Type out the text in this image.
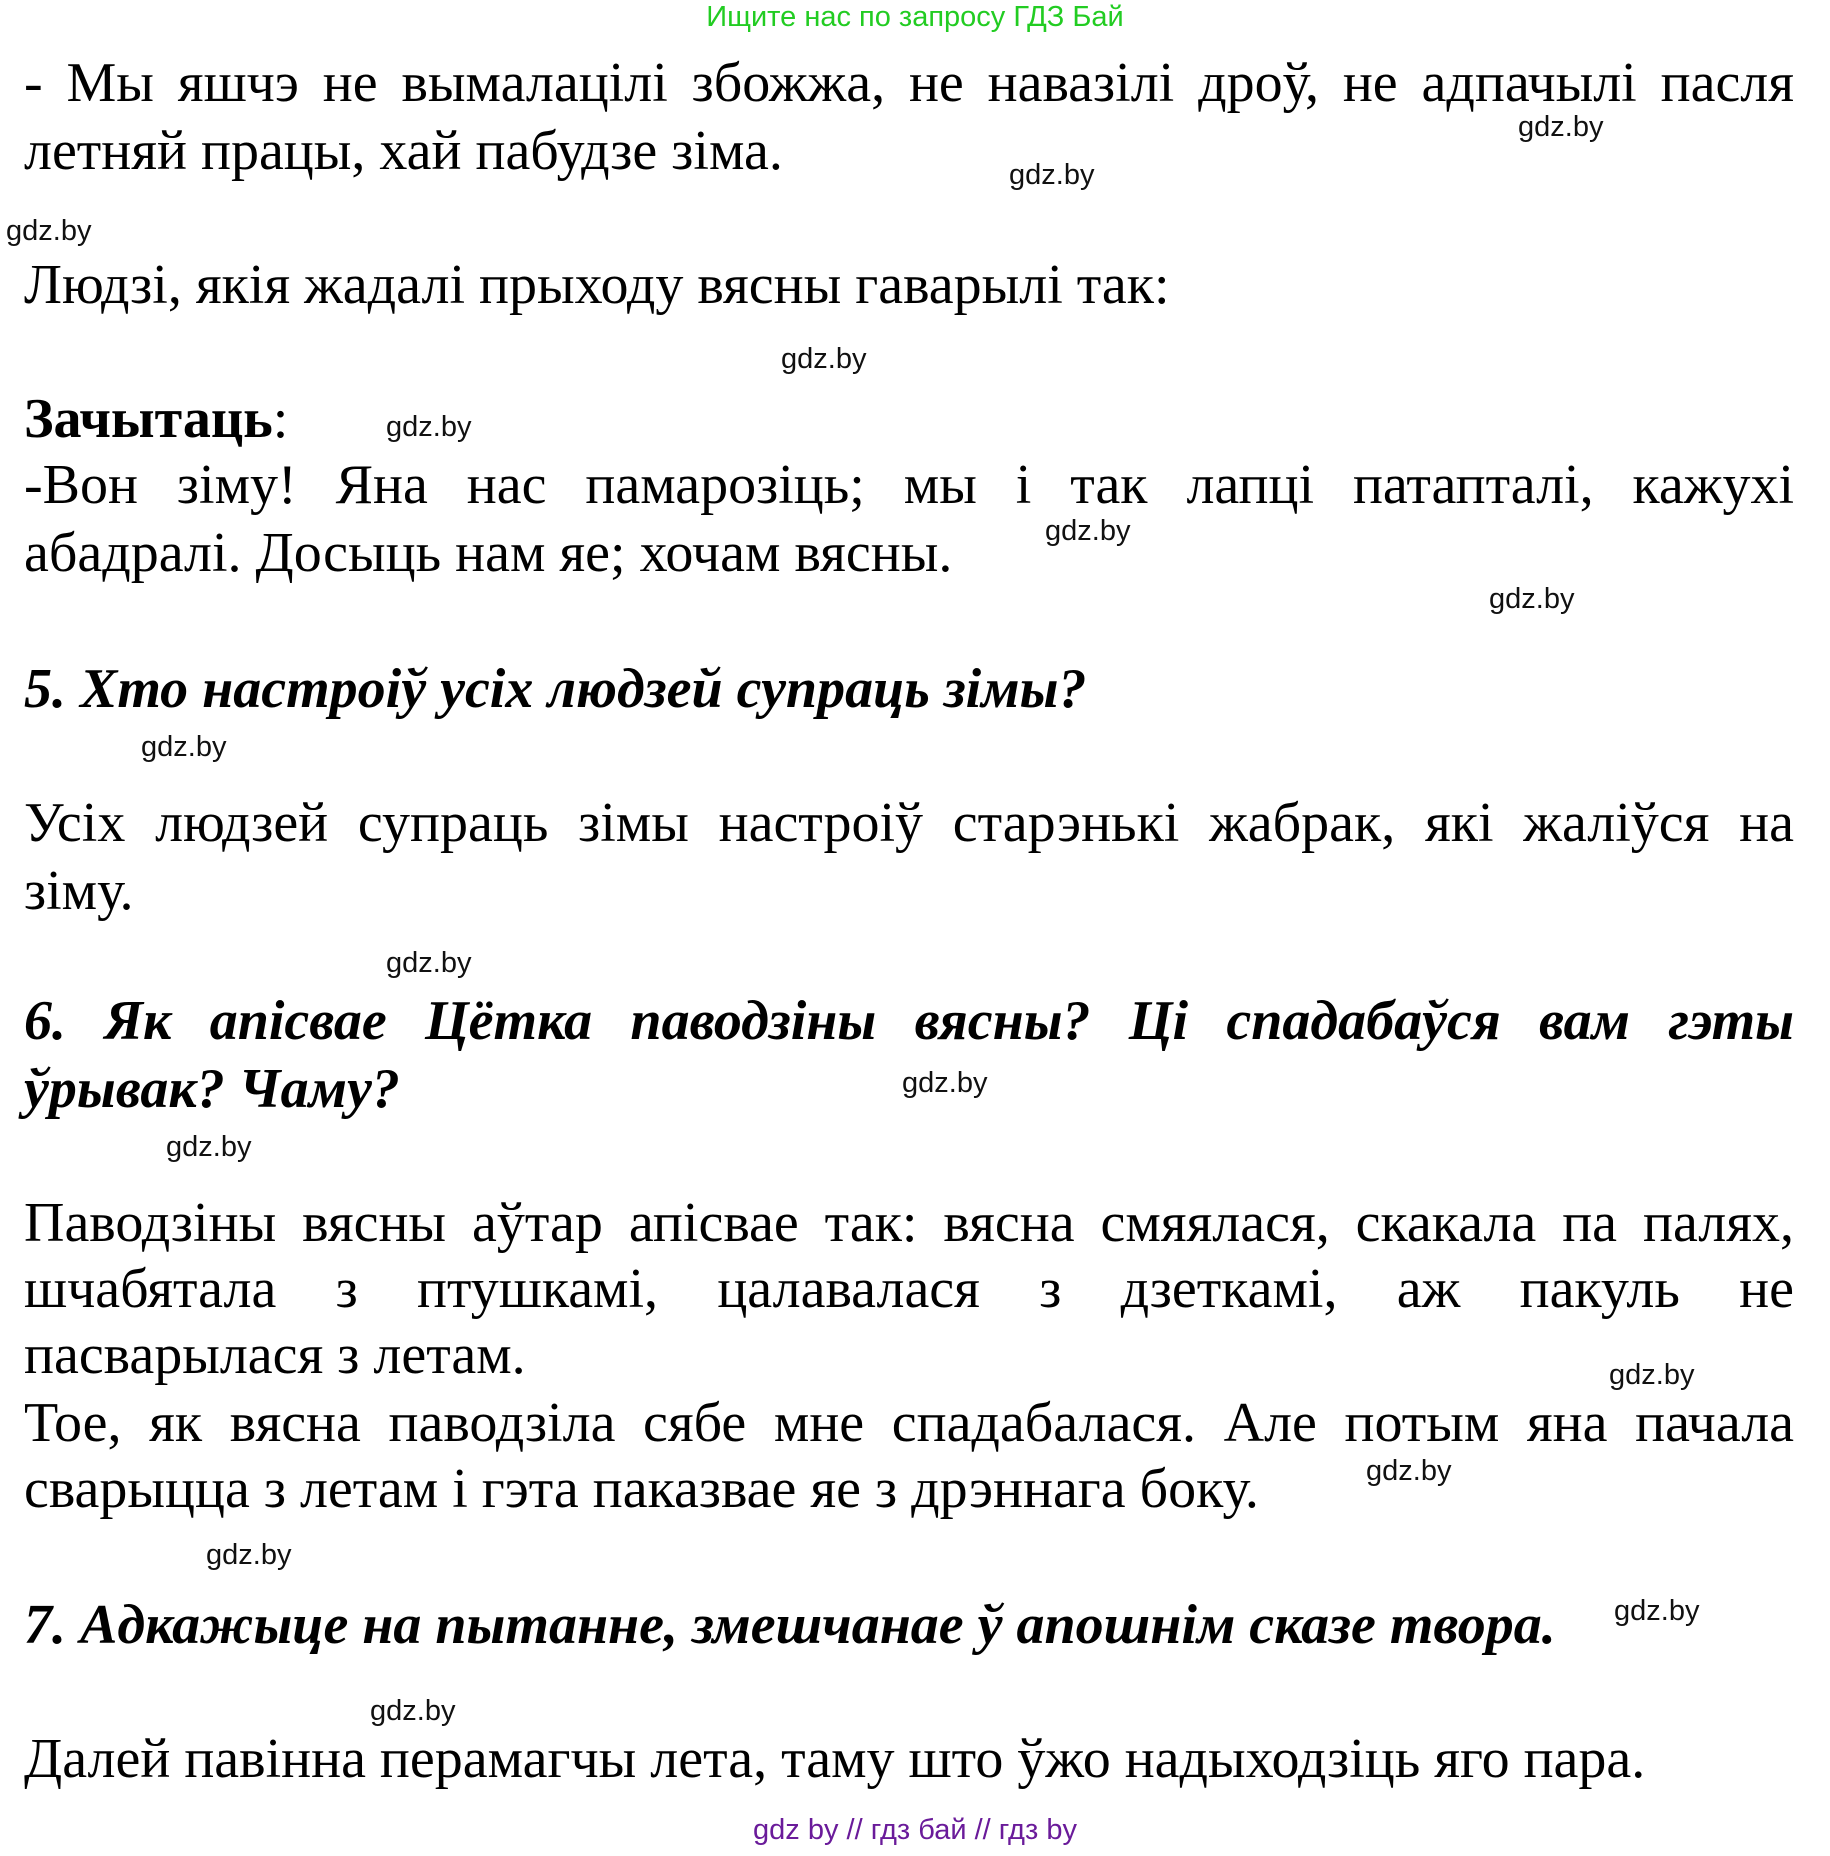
Ищите нас по запросу ГДЗ Бай
- Мы яшчэ не вымалацілі збожжа, не навазілі дроў, не адпачылі пасля
летняй працы, хай пабудзе зіма.
Людзі, якія жадалі прыходу вясны гаварылі так:
Зачытаць:
-Вон зіму! Яна нас памарозіць; мы і так лапці патапталі, кажухі
абадралі. Досыць нам яе; хочам вясны.
5. Хто настроіў усіх людзей супраць зімы?
Усіх людзей супраць зімы настроіў старэнькі жабрак, які жаліўся на
зіму.
6. Як апісвае Цётка паводзіны вясны? Ці спадабаўся вам гэты
ўрывак? Чаму?
Паводзіны вясны аўтар апісвае так: вясна смяялася, скакала па палях,
шчабятала з птушкамі, цалавалася з дзеткамі, аж пакуль не
пасварылася з летам.
Тое, як вясна паводзіла сябе мне спадабалася. Але потым яна пачала
сварыцца з летам і гэта паказвае яе з дрэннага боку.
7. Адкажыце на пытанне, змешчанае ў апошнім сказе твора.
Далей павінна перамагчы лета, таму што ўжо надыходзіць яго пара.
gdz.by
gdz.by
gdz.by
gdz.by
gdz.by
gdz.by
gdz.by
gdz.by
gdz.by
gdz.by
gdz.by
gdz.by
gdz.by
gdz.by
gdz.by
gdz.by
gdz by // гдз бай // гдз by
